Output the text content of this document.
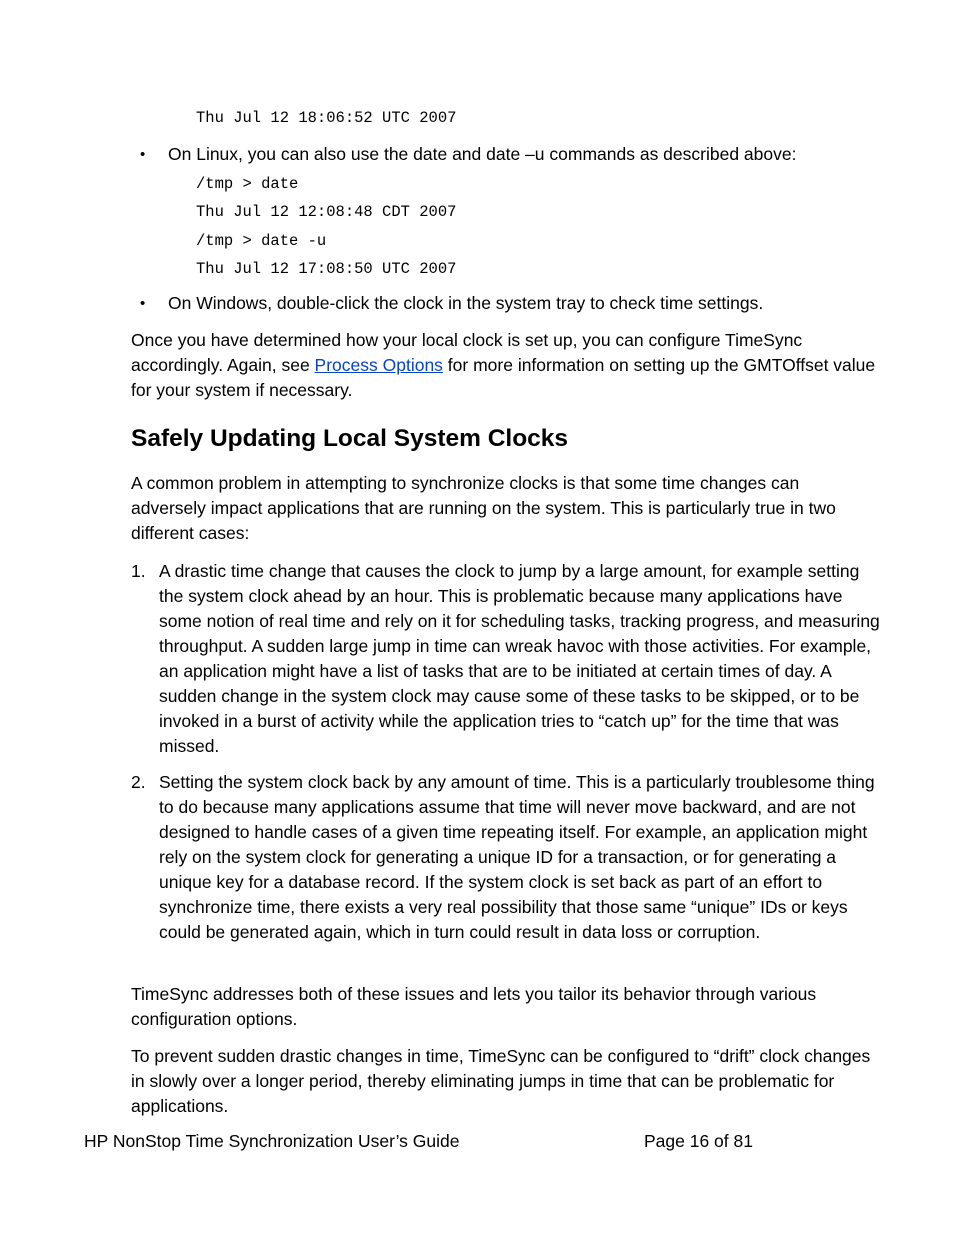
Thu Jul 12 18:06:52 UTC 2007
• On Linux, you can also use the date and date –u commands as described above:
/tmp > date
Thu Jul 12 12:08:48 CDT 2007
/tmp > date -u
Thu Jul 12 17:08:50 UTC 2007
• On Windows, double-click the clock in the system tray to check time settings.

Once you have determined how your local clock is set up, you can configure TimeSync accordingly. Again, see Process Options for more information on setting up the GMTOffset value for your system if necessary.

Safely Updating Local System Clocks

A common problem in attempting to synchronize clocks is that some time changes can adversely impact applications that are running on the system. This is particularly true in two different cases:

1. A drastic time change that causes the clock to jump by a large amount, for example setting the system clock ahead by an hour. This is problematic because many applications have some notion of real time and rely on it for scheduling tasks, tracking progress, and measuring throughput. A sudden large jump in time can wreak havoc with those activities. For example, an application might have a list of tasks that are to be initiated at certain times of day. A sudden change in the system clock may cause some of these tasks to be skipped, or to be invoked in a burst of activity while the application tries to “catch up” for the time that was missed.
2. Setting the system clock back by any amount of time. This is a particularly troublesome thing to do because many applications assume that time will never move backward, and are not designed to handle cases of a given time repeating itself. For example, an application might rely on the system clock for generating a unique ID for a transaction, or for generating a unique key for a database record. If the system clock is set back as part of an effort to synchronize time, there exists a very real possibility that those same “unique” IDs or keys could be generated again, which in turn could result in data loss or corruption.

TimeSync addresses both of these issues and lets you tailor its behavior through various configuration options.

To prevent sudden drastic changes in time, TimeSync can be configured to “drift” clock changes in slowly over a longer period, thereby eliminating jumps in time that can be problematic for applications.

HP NonStop Time Synchronization User’s Guide	Page 16 of 81
